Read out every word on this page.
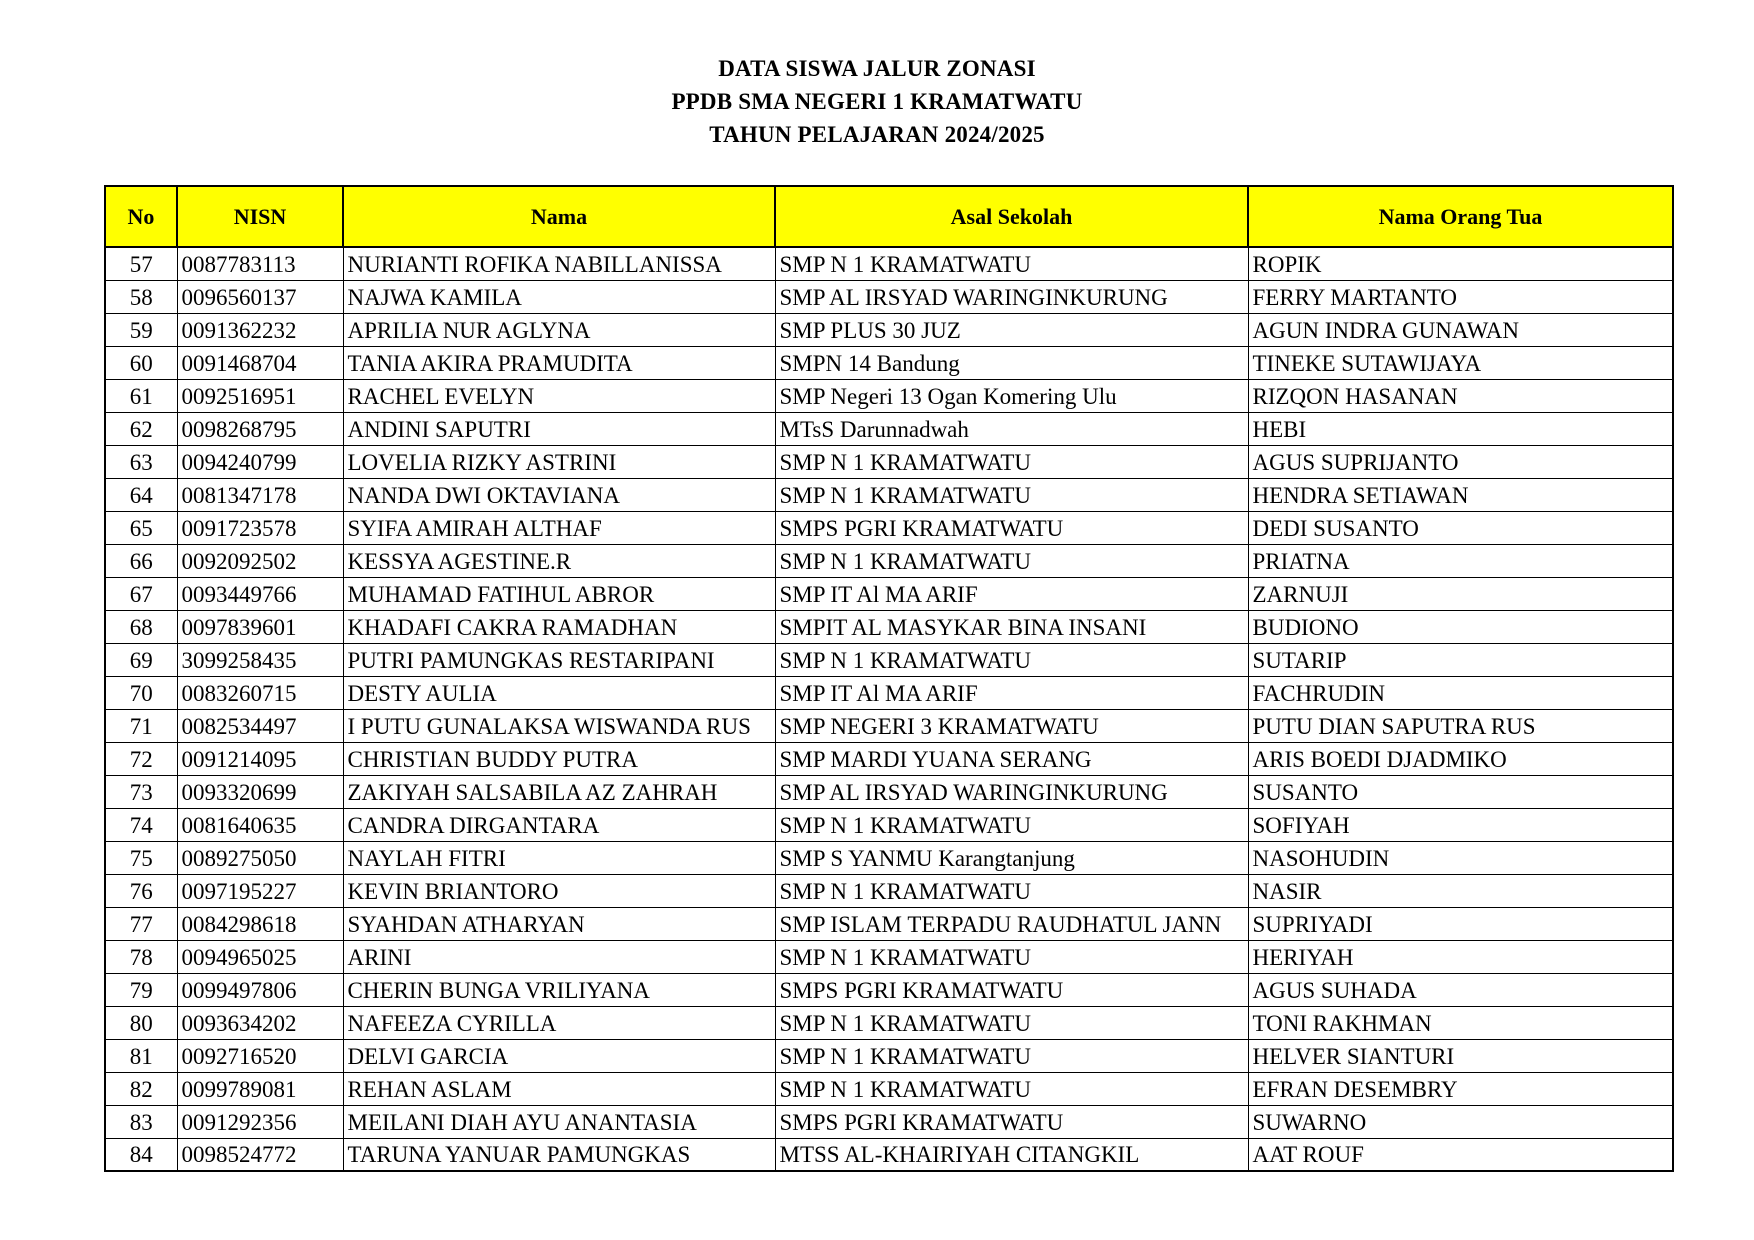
DATA SISWA JALUR ZONASI
PPDB SMA NEGERI 1 KRAMATWATU
TAHUN PELAJARAN 2024/2025
No	NISN	Nama	Asal Sekolah	Nama Orang Tua
57	0087783113	NURIANTI ROFIKA NABILLANISSA	SMP N 1 KRAMATWATU	ROPIK
58	0096560137	NAJWA KAMILA	SMP AL IRSYAD WARINGINKURUNG	FERRY MARTANTO
59	0091362232	APRILIA NUR AGLYNA	SMP PLUS 30 JUZ	AGUN INDRA GUNAWAN
60	0091468704	TANIA AKIRA PRAMUDITA	SMPN 14 Bandung	TINEKE SUTAWIJAYA
61	0092516951	RACHEL EVELYN	SMP Negeri 13 Ogan Komering Ulu	RIZQON HASANAN
62	0098268795	ANDINI SAPUTRI	MTsS Darunnadwah	HEBI
63	0094240799	LOVELIA RIZKY ASTRINI	SMP N 1 KRAMATWATU	AGUS SUPRIJANTO
64	0081347178	NANDA DWI OKTAVIANA	SMP N 1 KRAMATWATU	HENDRA SETIAWAN
65	0091723578	SYIFA AMIRAH ALTHAF	SMPS PGRI KRAMATWATU	DEDI SUSANTO
66	0092092502	KESSYA AGESTINE.R	SMP N 1 KRAMATWATU	PRIATNA
67	0093449766	MUHAMAD FATIHUL ABROR	SMP IT Al MA ARIF	ZARNUJI
68	0097839601	KHADAFI CAKRA RAMADHAN	SMPIT AL MASYKAR BINA INSANI	BUDIONO
69	3099258435	PUTRI PAMUNGKAS RESTARIPANI	SMP N 1 KRAMATWATU	SUTARIP
70	0083260715	DESTY AULIA	SMP IT Al MA ARIF	FACHRUDIN
71	0082534497	I PUTU GUNALAKSA WISWANDA RUS	SMP NEGERI 3 KRAMATWATU	PUTU DIAN SAPUTRA RUS
72	0091214095	CHRISTIAN BUDDY PUTRA	SMP MARDI YUANA SERANG	ARIS BOEDI DJADMIKO
73	0093320699	ZAKIYAH SALSABILA AZ ZAHRAH	SMP AL IRSYAD WARINGINKURUNG	SUSANTO
74	0081640635	CANDRA DIRGANTARA	SMP N 1 KRAMATWATU	SOFIYAH
75	0089275050	NAYLAH FITRI	SMP S YANMU Karangtanjung	NASOHUDIN
76	0097195227	KEVIN BRIANTORO	SMP N 1 KRAMATWATU	NASIR
77	0084298618	SYAHDAN ATHARYAN	SMP ISLAM TERPADU RAUDHATUL JANN	SUPRIYADI
78	0094965025	ARINI	SMP N 1 KRAMATWATU	HERIYAH
79	0099497806	CHERIN BUNGA VRILIYANA	SMPS PGRI KRAMATWATU	AGUS SUHADA
80	0093634202	NAFEEZA CYRILLA	SMP N 1 KRAMATWATU	TONI RAKHMAN
81	0092716520	DELVI GARCIA	SMP N 1 KRAMATWATU	HELVER SIANTURI
82	0099789081	REHAN ASLAM	SMP N 1 KRAMATWATU	EFRAN DESEMBRY
83	0091292356	MEILANI DIAH AYU ANANTASIA	SMPS PGRI KRAMATWATU	SUWARNO
84	0098524772	TARUNA YANUAR PAMUNGKAS	MTSS AL-KHAIRIYAH CITANGKIL	AAT ROUF
